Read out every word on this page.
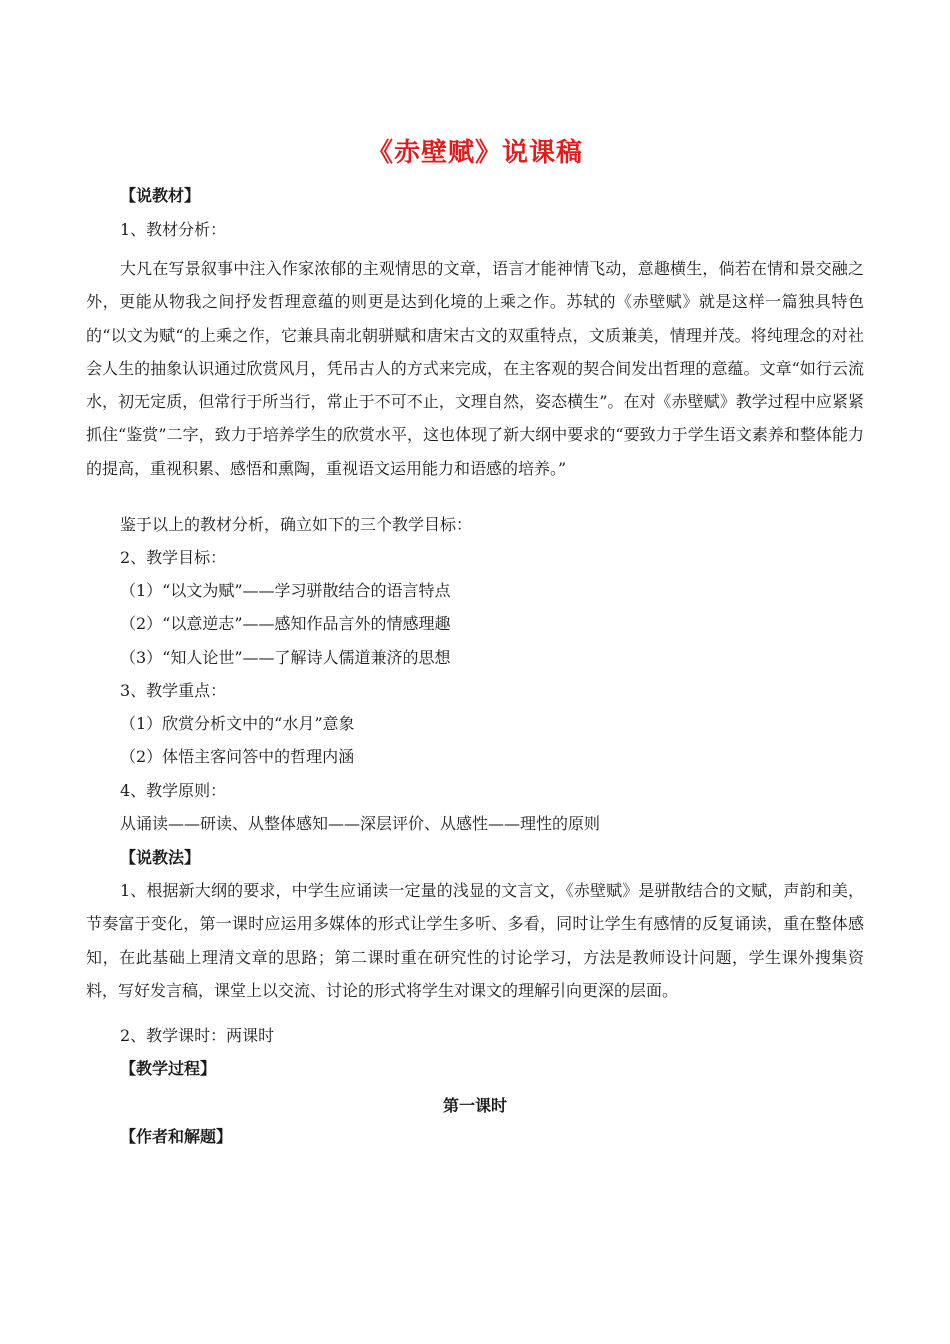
《赤壁赋》说课稿
【说教材】
1、教材分析：
大凡在写景叙事中注入作家浓郁的主观情思的文章，语言才能神情飞动，意趣横生，倘若在情和景交融之外，更能从物我之间抒发哲理意蕴的则更是达到化境的上乘之作。苏轼的《赤壁赋》就是这样一篇独具特色的“以文为赋“的上乘之作，它兼具南北朝骈赋和唐宋古文的双重特点，文质兼美，情理并茂。将纯理念的对社会人生的抽象认识通过欣赏风月，凭吊古人的方式来完成，在主客观的契合间发出哲理的意蕴。文章“如行云流水，初无定质，但常行于所当行，常止于不可不止，文理自然，姿态横生”。在对《赤壁赋》教学过程中应紧紧抓住“鉴赏”二字，致力于培养学生的欣赏水平，这也体现了新大纲中要求的“要致力于学生语文素养和整体能力的提高，重视积累、感悟和熏陶，重视语文运用能力和语感的培养。”
鉴于以上的教材分析，确立如下的三个教学目标：
2、教学目标：
（1）“以文为赋”——学习骈散结合的语言特点
（2）“以意逆志”——感知作品言外的情感理趣
（3）“知人论世”——了解诗人儒道兼济的思想
3、教学重点：
（1）欣赏分析文中的“水月”意象
（2）体悟主客问答中的哲理内涵
4、教学原则：
从诵读——研读、从整体感知——深层评价、从感性——理性的原则
【说教法】
1、根据新大纲的要求，中学生应诵读一定量的浅显的文言文，《赤壁赋》是骈散结合的文赋，声韵和美，节奏富于变化，第一课时应运用多媒体的形式让学生多听、多看，同时让学生有感情的反复诵读，重在整体感知，在此基础上理清文章的思路；第二课时重在研究性的讨论学习，方法是教师设计问题，学生课外搜集资料，写好发言稿，课堂上以交流、讨论的形式将学生对课文的理解引向更深的层面。
2、教学课时：两课时
【教学过程】
第一课时
【作者和解题】
